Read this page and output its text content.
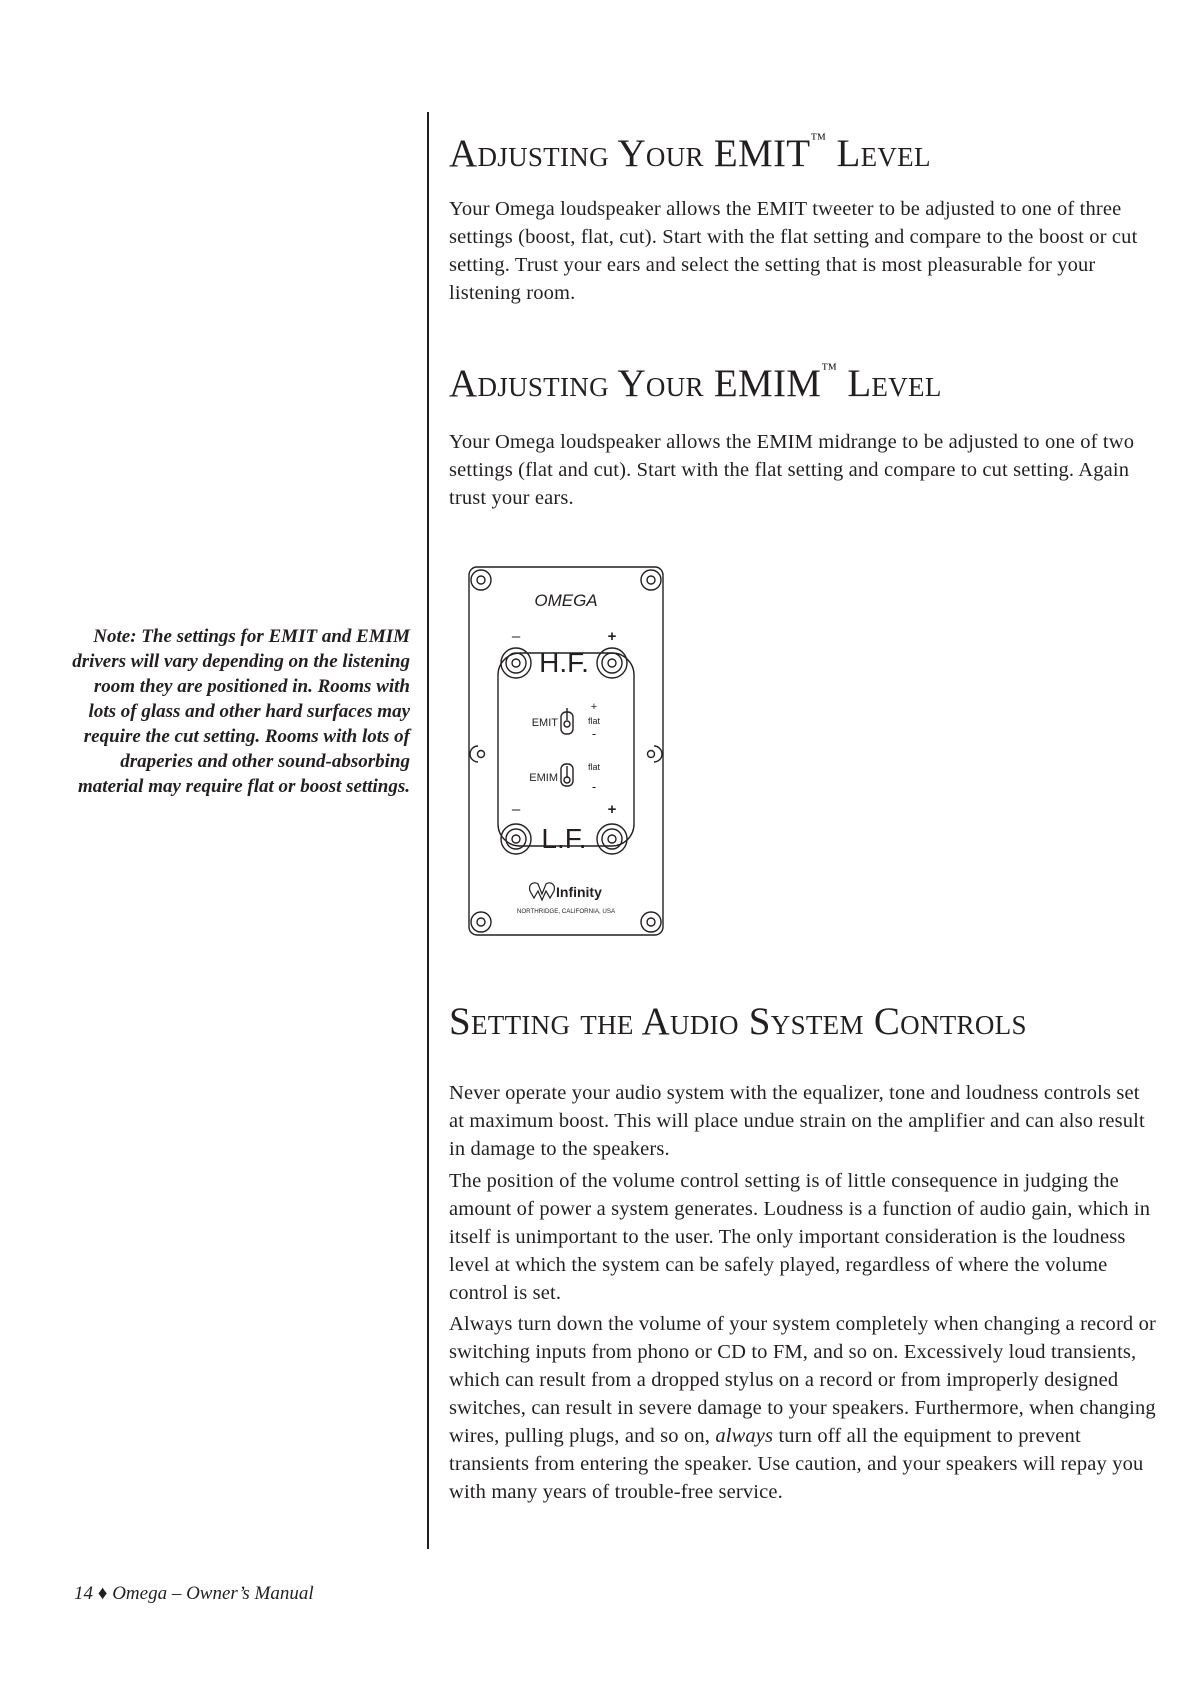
Adjusting Your EMIT™ Level

Your Omega loudspeaker allows the EMIT tweeter to be adjusted to one of three settings (boost, flat, cut). Start with the flat setting and compare to the boost or cut setting. Trust your ears and select the setting that is most pleasurable for your listening room.

Adjusting Your EMIM™ Level

Your Omega loudspeaker allows the EMIM midrange to be adjusted to one of two settings (flat and cut). Start with the flat setting and compare to cut setting. Again trust your ears.

Note: The settings for EMIT and EMIM drivers will vary depending on the listening room they are positioned in. Rooms with lots of glass and other hard surfaces may require the cut setting. Rooms with lots of draperies and other sound-absorbing material may require flat or boost settings.

OMEGA
–	+
H.F.
EMIT
+
flat
-
EMIM
flat
-
–	+
L.F.
Infinity
NORTHRIDGE, CALIFORNIA, USA
Setting the Audio System Controls

Never operate your audio system with the equalizer, tone and loudness controls set at maximum boost. This will place undue strain on the amplifier and can also result in damage to the speakers.

The position of the volume control setting is of little consequence in judging the amount of power a system generates. Loudness is a function of audio gain, which in itself is unimportant to the user. The only important consideration is the loudness level at which the system can be safely played, regardless of where the volume control is set.

Always turn down the volume of your system completely when changing a record or switching inputs from phono or CD to FM, and so on. Excessively loud transients, which can result from a dropped stylus on a record or from improperly designed switches, can result in severe damage to your speakers. Furthermore, when changing wires, pulling plugs, and so on, always turn off all the equipment to prevent transients from entering the speaker. Use caution, and your speakers will repay you with many years of trouble-free service.

14 ♦ Omega – Owner’s Manual
